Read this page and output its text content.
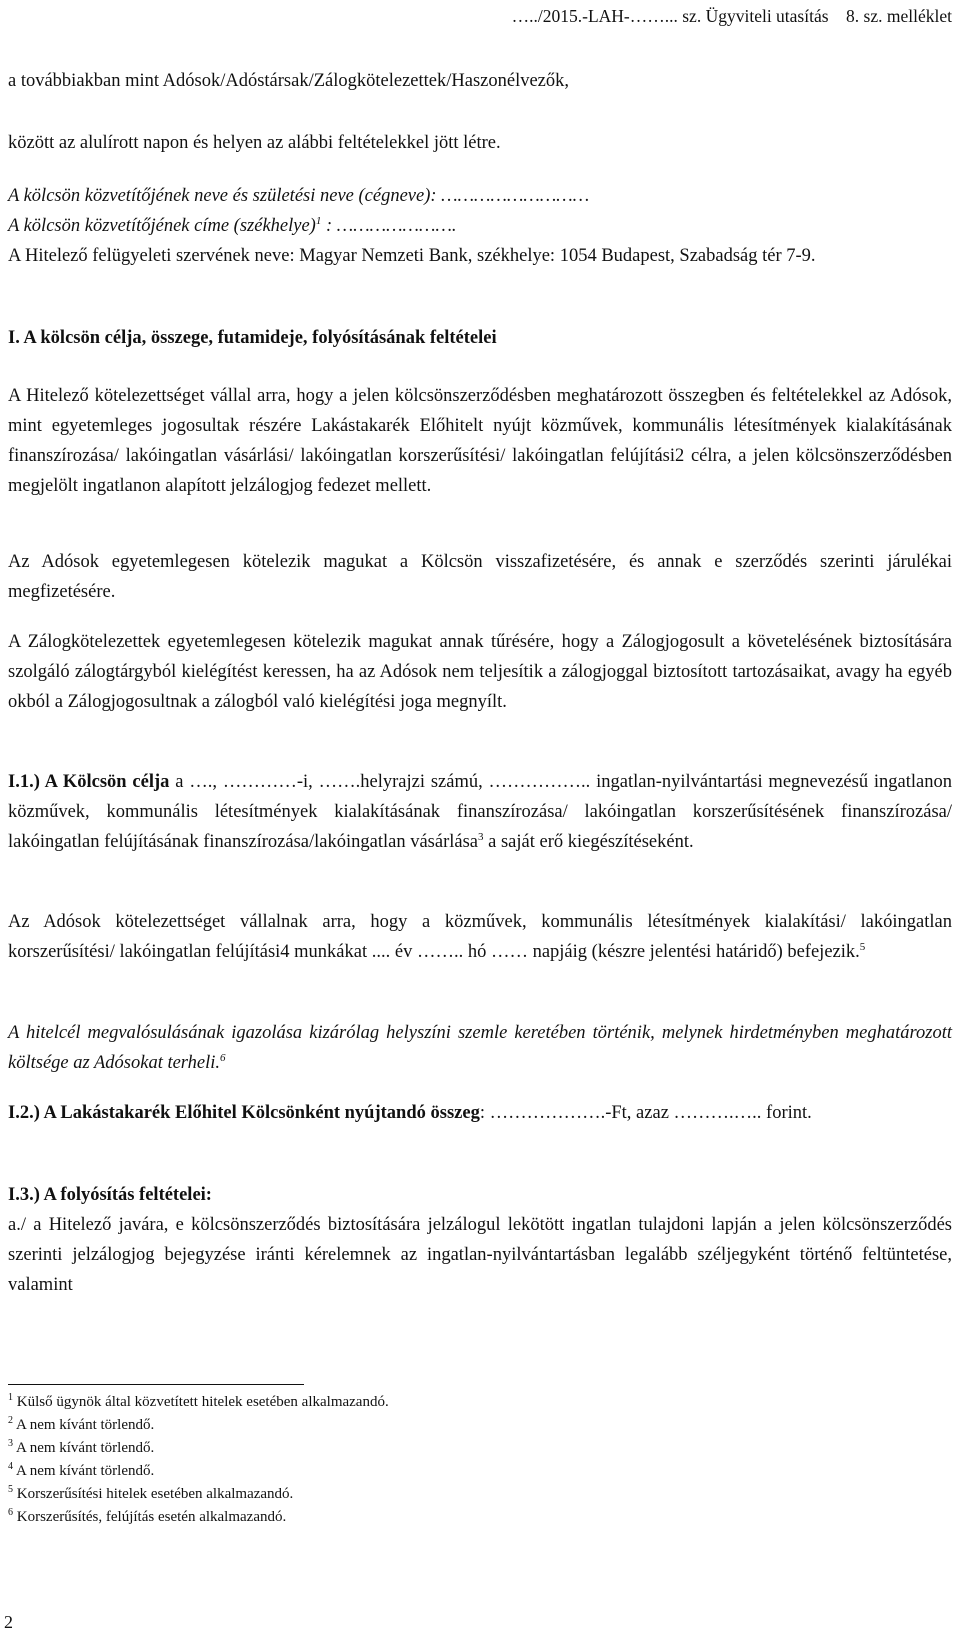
…../2015.-LAH-……... sz. Ügyviteli utasítás    8. sz. melléklet

a továbbiakban mint Adósok/Adóstársak/Zálogkötelezettek/Haszonélvezők,

között az alulírott napon és helyen az alábbi feltételekkel jött létre.

A kölcsön közvetítőjének neve és születési neve (cégneve): ………………………

A kölcsön közvetítőjének címe (székhelye)$^1$ : ………………….

A Hitelező felügyeleti szervének neve: Magyar Nemzeti Bank, székhelye: 1054 Budapest, Szabadság tér 7-9.

I. A kölcsön célja, összege, futamideje, folyósításának feltételei

A Hitelező kötelezettséget vállal arra, hogy a jelen kölcsönszerződésben meghatározott összegben és feltételekkel az Adósok, mint egyetemleges jogosultak részére Lakástakarék Előhitelt nyújt közművek, kommunális létesítmények kialakításának finanszírozása/ lakóingatlan vásárlási/ lakóingatlan korszerűsítési/ lakóingatlan felújítási2 célra, a jelen kölcsönszerződésben megjelölt ingatlanon alapított jelzálogjog fedezet mellett.

Az Adósok egyetemlegesen kötelezik magukat a Kölcsön visszafizetésére, és annak e szerződés szerinti járulékai megfizetésére.

A Zálogkötelezettek egyetemlegesen kötelezik magukat annak tűrésére, hogy a Zálogjogosult a követelésének biztosítására szolgáló zálogtárgyból kielégítést keressen, ha az Adósok nem teljesítik a zálogjoggal biztosított tartozásaikat, avagy ha egyéb okból a Zálogjogosultnak a zálogból való kielégítési joga megnyílt.

I.1.) A Kölcsön célja a …., …………-i, …….helyrajzi számú, …………….. ingatlan-nyilvántartási megnevezésű ingatlanon közművek, kommunális létesítmények kialakításának finanszírozása/ lakóingatlan korszerűsítésének finanszírozása/ lakóingatlan felújításának finanszírozása/lakóingatlan vásárlása$^3$ a saját erő kiegészítéseként.

Az Adósok kötelezettséget vállalnak arra, hogy a közművek, kommunális létesítmények kialakítási/ lakóingatlan korszerűsítési/ lakóingatlan felújítási4 munkákat .... év …….. hó …… napjáig (készre jelentési határidő) befejezik.$^5$

A hitelcél megvalósulásának igazolása kizárólag helyszíni szemle keretében történik, melynek hirdetményben meghatározott költsége az Adósokat terheli.$^6$

I.2.) A Lakástakarék Előhitel Kölcsönként nyújtandó összeg: ……………….-Ft, azaz ……….….. forint.

I.3.) A folyósítás feltételei:

a./ a Hitelező javára, e kölcsönszerződés biztosítására jelzálogul lekötött ingatlan tulajdoni lapján a jelen kölcsönszerződés szerinti jelzálogjog bejegyzése iránti kérelemnek az ingatlan-nyilvántartásban legalább széljegyként történő feltüntetése, valamint

$^1$ Külső ügynök által közvetített hitelek esetében alkalmazandó.
$^2$ A nem kívánt törlendő.
$^3$ A nem kívánt törlendő.
$^4$ A nem kívánt törlendő.
$^5$ Korszerűsítési hitelek esetében alkalmazandó.
$^6$ Korszerűsítés, felújítás esetén alkalmazandó.
2
